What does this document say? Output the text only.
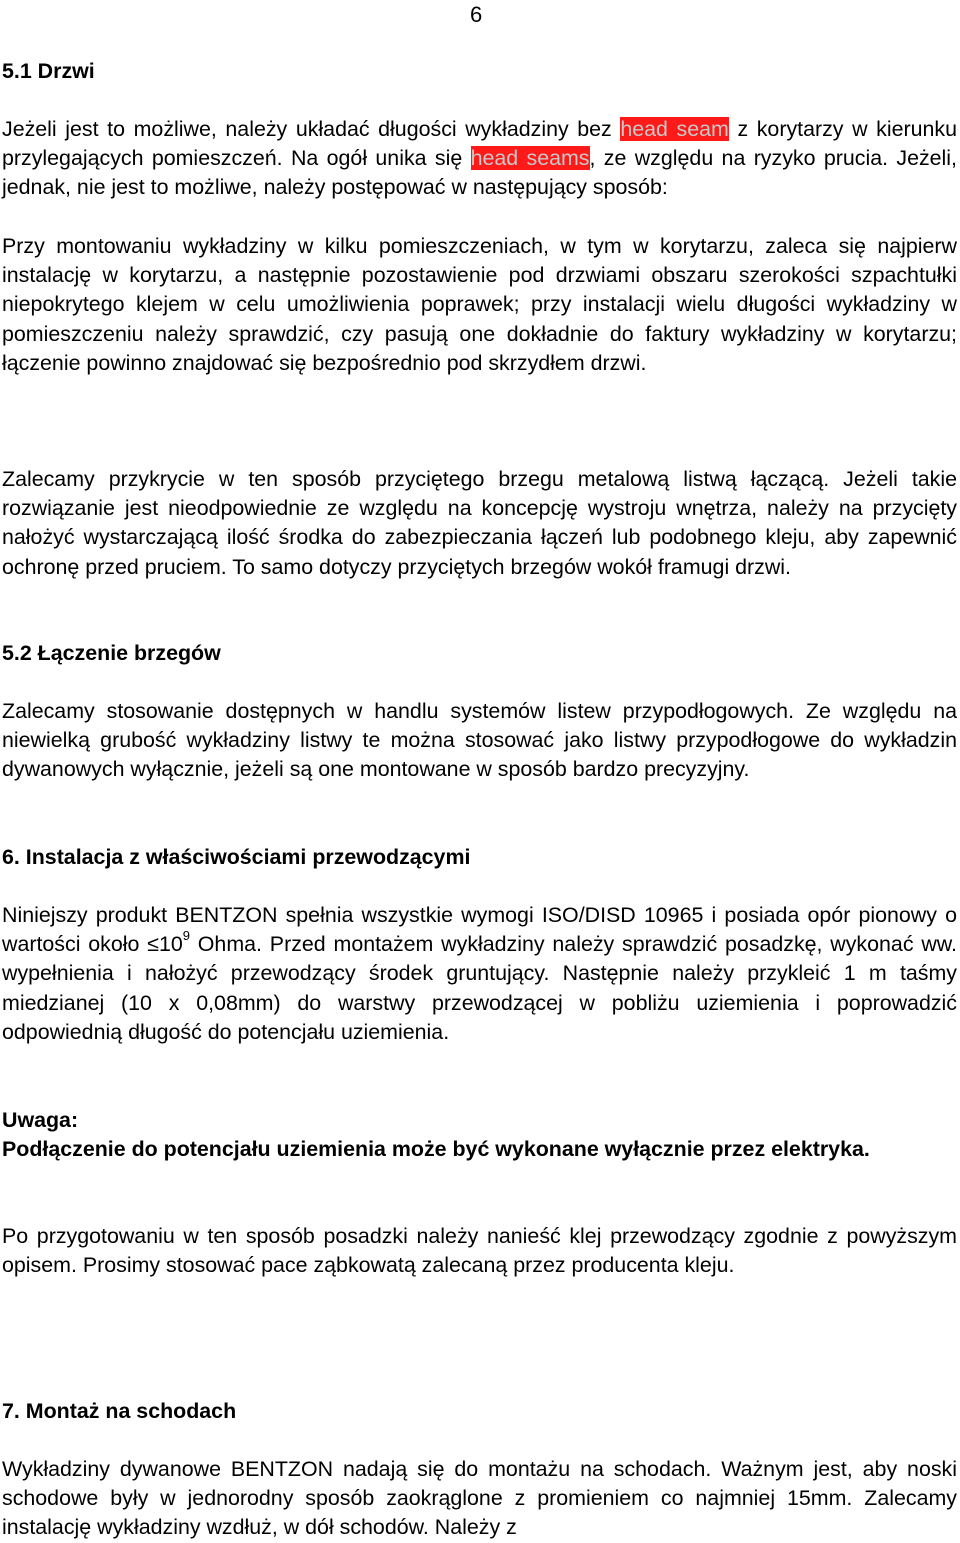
6
5.1 Drzwi
Jeżeli jest to możliwe, należy układać długości wykładziny bez head seam z korytarzy w kierunku przylegających pomieszczeń. Na ogół unika się head seams, ze względu na ryzyko prucia. Jeżeli, jednak, nie jest to możliwe, należy postępować w następujący sposób:
Przy montowaniu wykładziny w kilku pomieszczeniach, w tym w korytarzu, zaleca się najpierw instalację w korytarzu, a następnie pozostawienie pod drzwiami obszaru szerokości szpachtułki niepokrytego klejem w celu umożliwienia poprawek; przy instalacji wielu długości wykładziny w pomieszczeniu należy sprawdzić, czy pasują one dokładnie do faktury wykładziny w korytarzu; łączenie powinno znajdować się bezpośrednio pod skrzydłem drzwi.
Zalecamy przykrycie w ten sposób przyciętego brzegu metalową listwą łączącą. Jeżeli takie rozwiązanie jest nieodpowiednie ze względu na koncepcję wystroju wnętrza, należy na przycięty nałożyć wystarczającą ilość środka do zabezpieczania łączeń lub podobnego kleju, aby zapewnić ochronę przed pruciem. To samo dotyczy przyciętych brzegów wokół framugi drzwi.
5.2 Łączenie brzegów
Zalecamy stosowanie dostępnych w handlu systemów listew przypodłogowych. Ze względu na niewielką grubość wykładziny listwy te można stosować jako listwy przypodłogowe do wykładzin dywanowych wyłącznie, jeżeli są one montowane w sposób bardzo precyzyjny.
6. Instalacja z właściwościami przewodzącymi
Niniejszy produkt BENTZON spełnia wszystkie wymogi ISO/DISD 10965 i posiada opór pionowy o wartości około $\le 10^9$ Ohma. Przed montażem wykładziny należy sprawdzić posadzkę, wykonać ww. wypełnienia i nałożyć przewodzący środek gruntujący. Następnie należy przykleić 1 m taśmy miedzianej (10 x 0,08mm) do warstwy przewodzącej w pobliżu uziemienia i poprowadzić odpowiednią długość do potencjału uziemienia.
Uwaga:
Podłączenie do potencjału uziemienia może być wykonane wyłącznie przez elektryka.
Po przygotowaniu w ten sposób posadzki należy nanieść klej przewodzący zgodnie z powyższym opisem. Prosimy stosować pace ząbkowatą zalecaną przez producenta kleju.
7. Montaż na schodach
Wykładziny dywanowe BENTZON nadają się do montażu na schodach. Ważnym jest, aby noski schodowe były w jednorodny sposób zaokrąglone z promieniem co najmniej 15mm. Zalecamy instalację wykładziny wzdłuż, w dół schodów. Należy z
